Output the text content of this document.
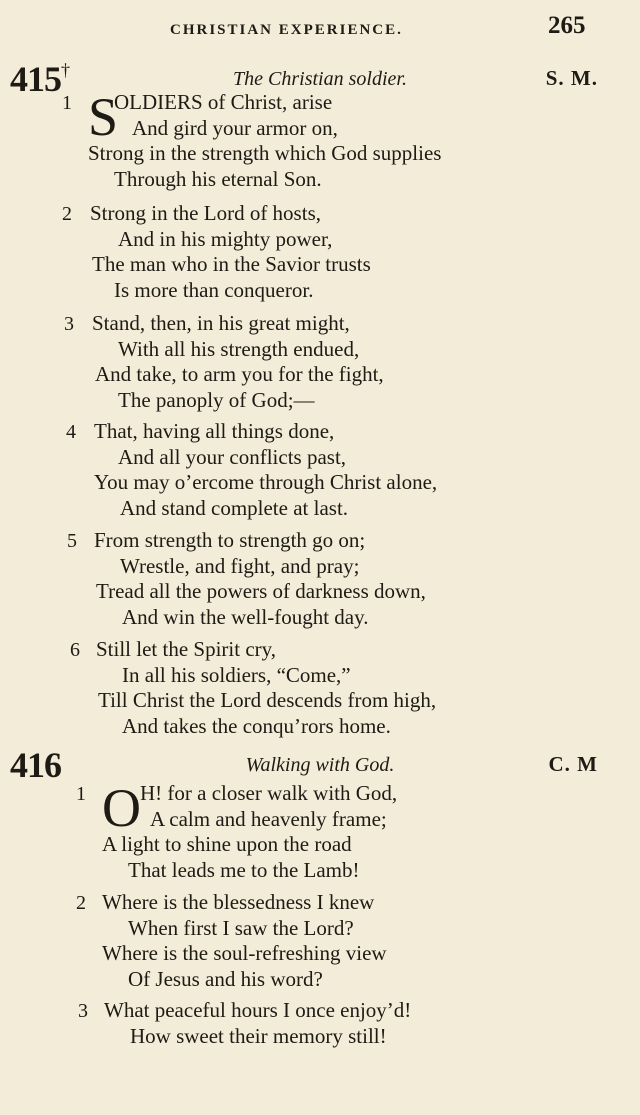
CHRISTIAN EXPERIENCE.	265
415†	The Christian soldier.	S. M.
1 S
OLDIERS of Christ, arise
And gird your armor on,
Strong in the strength which God supplies
Through his eternal Son.
2 Strong in the Lord of hosts,
And in his mighty power,
The man who in the Savior trusts
Is more than conqueror.
3 Stand, then, in his great might,
With all his strength endued,
And take, to arm you for the fight,
The panoply of God;—
4 That, having all things done,
And all your conflicts past,
You may o’ercome through Christ alone,
And stand complete at last.
5 From strength to strength go on;
Wrestle, and fight, and pray;
Tread all the powers of darkness down,
And win the well-fought day.
6 Still let the Spirit cry,
In all his soldiers, “Come,”
Till Christ the Lord descends from high,
And takes the conqu’rors home.
416	Walking with God.	C. M
1 O H! for a closer walk with God,
A calm and heavenly frame;
A light to shine upon the road
That leads me to the Lamb!
2 Where is the blessedness I knew
When first I saw the Lord?
Where is the soul-refreshing view
Of Jesus and his word?
3 What peaceful hours I once enjoy’d!
How sweet their memory still!
